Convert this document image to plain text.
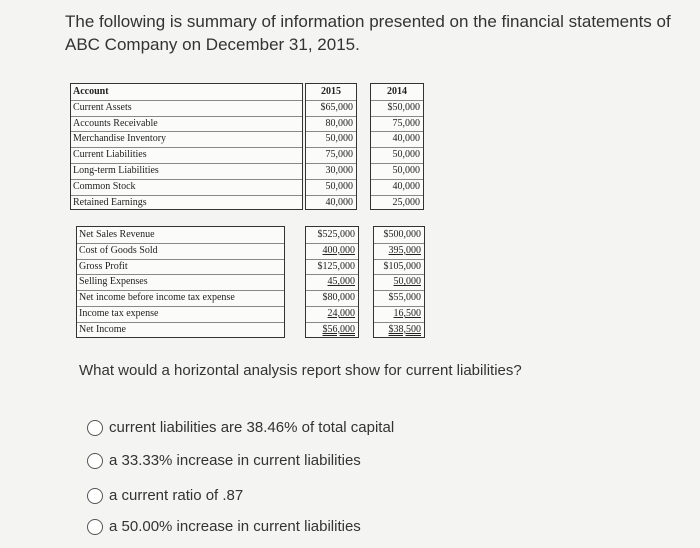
The following is summary of information presented on the financial statements of ABC Company on December 31, 2015.
Account
Current Assets
Accounts Receivable
Merchandise Inventory
Current Liabilities
Long-term Liabilities
Common Stock
Retained Earnings
2015
$65,000
80,000
50,000
75,000
30,000
50,000
40,000
2014
$50,000
75,000
40,000
50,000
50,000
40,000
25,000
Net Sales Revenue
Cost of Goods Sold
Gross Profit
Selling Expenses
Net income before income tax expense
Income tax expense
Net Income
$525,000
400,000
$125,000
45,000
$80,000
24,000
$56,000
$500,000
395,000
$105,000
50,000
$55,000
16,500
$38,500
What would a horizontal analysis report show for current liabilities?
current liabilities are 38.46% of total capital
a 33.33% increase in current liabilities
a current ratio of .87
a 50.00% increase in current liabilities
